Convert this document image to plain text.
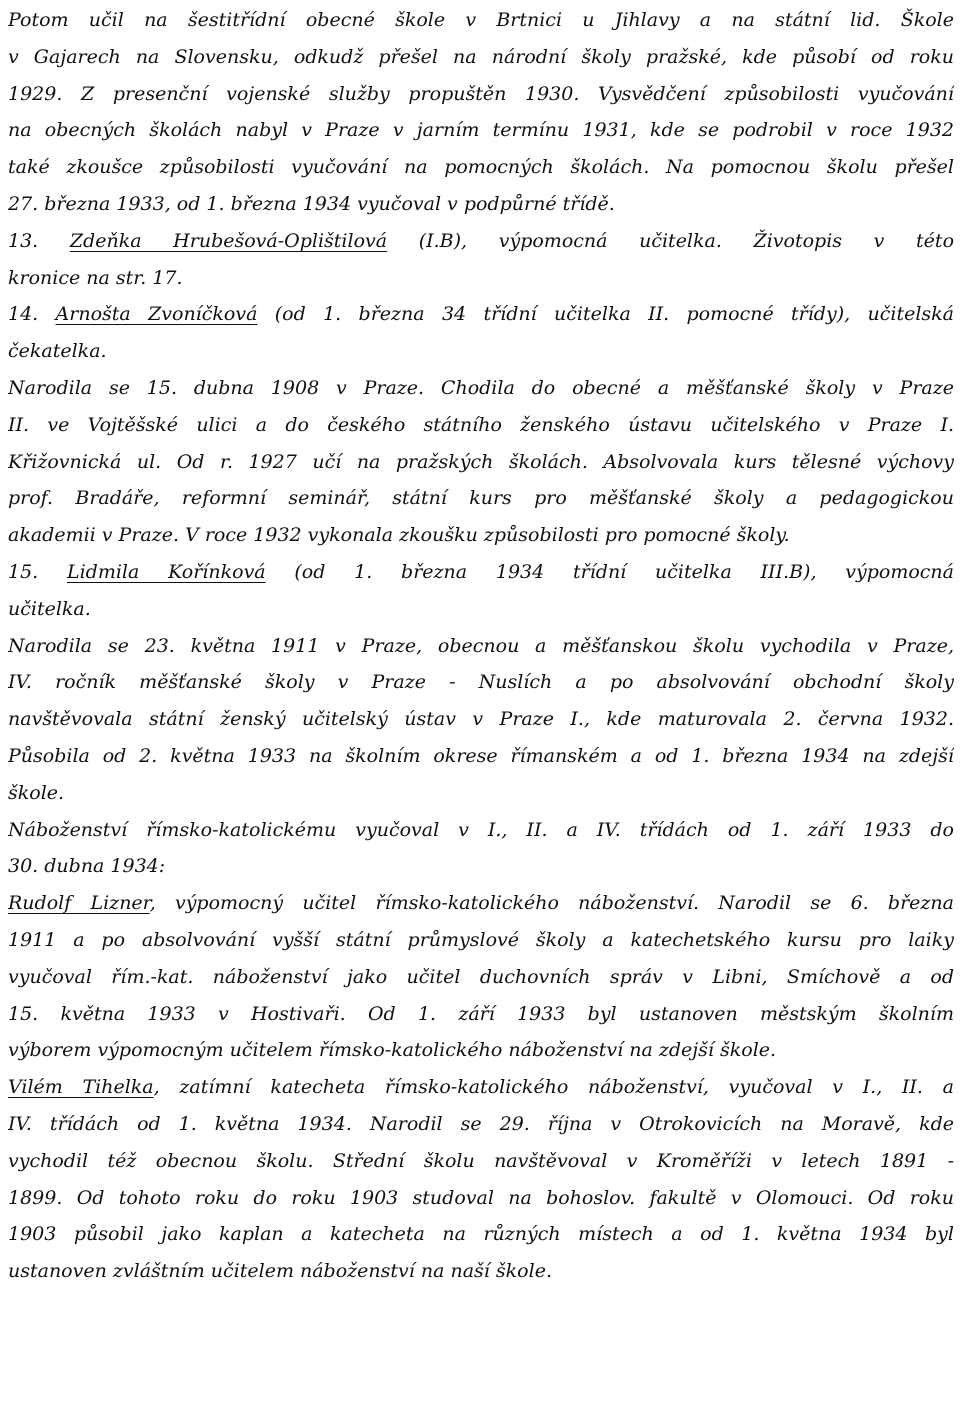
Potom učil na šestitřídní obecné škole v Brtnici u Jihlavy a na státní lid. Škole
v Gajarech na Slovensku, odkudž přešel na národní školy pražské, kde působí od roku
1929. Z presenční vojenské služby propuštěn 1930. Vysvědčení způsobilosti vyučování
na obecných školách nabyl v Praze v jarním termínu 1931, kde se podrobil v roce 1932
také zkoušce způsobilosti vyučování na pomocných školách. Na pomocnou školu přešel
27. března 1933, od 1. března 1934 vyučoval v podpůrné třídě.
13. Zdeňka Hrubešová-Oplištilová (I.B), výpomocná učitelka. Životopis v této
kronice na str. 17.
14. Arnošta Zvoníčková (od 1. března 34 třídní učitelka II. pomocné třídy), učitelská
čekatelka.
Narodila se 15. dubna 1908 v Praze. Chodila do obecné a měšťanské školy v Praze
II. ve Vojtěšské ulici a do českého státního ženského ústavu učitelského v Praze I.
Křižovnická ul. Od r. 1927 učí na pražských školách. Absolvovala kurs tělesné výchovy
prof. Bradáře, reformní seminář, státní kurs pro měšťanské školy a pedagogickou
akademii v Praze. V roce 1932 vykonala zkoušku způsobilosti pro pomocné školy.
15. Lidmila Kořínková (od 1. března 1934 třídní učitelka III.B), výpomocná
učitelka.
Narodila se 23. května 1911 v Praze, obecnou a měšťanskou školu vychodila v Praze,
IV. ročník měšťanské školy v Praze - Nuslích a po absolvování obchodní školy
navštěvovala státní ženský učitelský ústav v Praze I., kde maturovala 2. června 1932.
Působila od 2. května 1933 na školním okrese římanském a od 1. března 1934 na zdejší
škole.
Náboženství římsko-katolickému vyučoval v I., II. a IV. třídách od 1. září 1933 do
30. dubna 1934:
Rudolf Lizner, výpomocný učitel římsko-katolického náboženství. Narodil se 6. března
1911 a po absolvování vyšší státní průmyslové školy a katechetského kursu pro laiky
vyučoval řím.-kat. náboženství jako učitel duchovních správ v Libni, Smíchově a od
15. května 1933 v Hostivaři. Od 1. září 1933 byl ustanoven městským školním
výborem výpomocným učitelem římsko-katolického náboženství na zdejší škole.
Vilém Tihelka, zatímní katecheta římsko-katolického náboženství, vyučoval v I., II. a
IV. třídách od 1. května 1934. Narodil se 29. října v Otrokovicích na Moravě, kde
vychodil též obecnou školu. Střední školu navštěvoval v Kroměříži v letech 1891 -
1899. Od tohoto roku do roku 1903 studoval na bohoslov. fakultě v Olomouci. Od roku
1903 působil jako kaplan a katecheta na různých místech a od 1. května 1934 byl
ustanoven zvláštním učitelem náboženství na naší škole.
